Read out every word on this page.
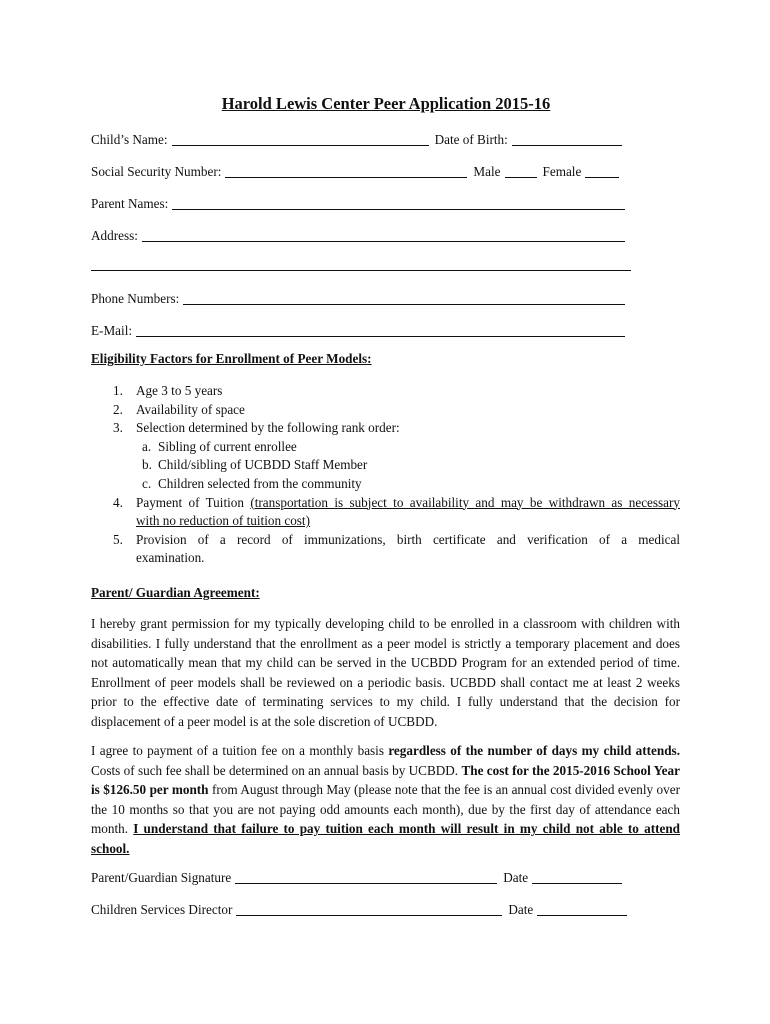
Harold Lewis Center Peer Application 2015-16
Child’s Name:	Date of Birth:
Social Security Number:	Male	Female
Parent Names:
Address:
Phone Numbers:
E-Mail:
Eligibility Factors for Enrollment of Peer Models:
1. Age 3 to 5 years
2. Availability of space
3. Selection determined by the following rank order:
a. Sibling of current enrollee
b. Child/sibling of UCBDD Staff Member
c. Children selected from the community
4. Payment of Tuition (transportation is subject to availability and may be withdrawn as necessary
with no reduction of tuition cost)
5. Provision of a record of immunizations, birth certificate and verification of a medical
examination.
Parent/ Guardian Agreement:

I hereby grant permission for my typically developing child to be enrolled in a classroom with children with disabilities. I fully understand that the enrollment as a peer model is strictly a temporary placement and does not automatically mean that my child can be served in the UCBDD Program for an extended period of time. Enrollment of peer models shall be reviewed on a periodic basis. UCBDD shall contact me at least 2 weeks prior to the effective date of terminating services to my child. I fully understand that the decision for displacement of a peer model is at the sole discretion of UCBDD.

I agree to payment of a tuition fee on a monthly basis regardless of the number of days my child attends. Costs of such fee shall be determined on an annual basis by UCBDD. The cost for the 2015-2016 School Year is $126.50 per month from August through May (please note that the fee is an annual cost divided evenly over the 10 months so that you are not paying odd amounts each month), due by the first day of attendance each month. I understand that failure to pay tuition each month will result in my child not able to attend school.

Parent/Guardian Signature	Date
Children Services Director	Date
